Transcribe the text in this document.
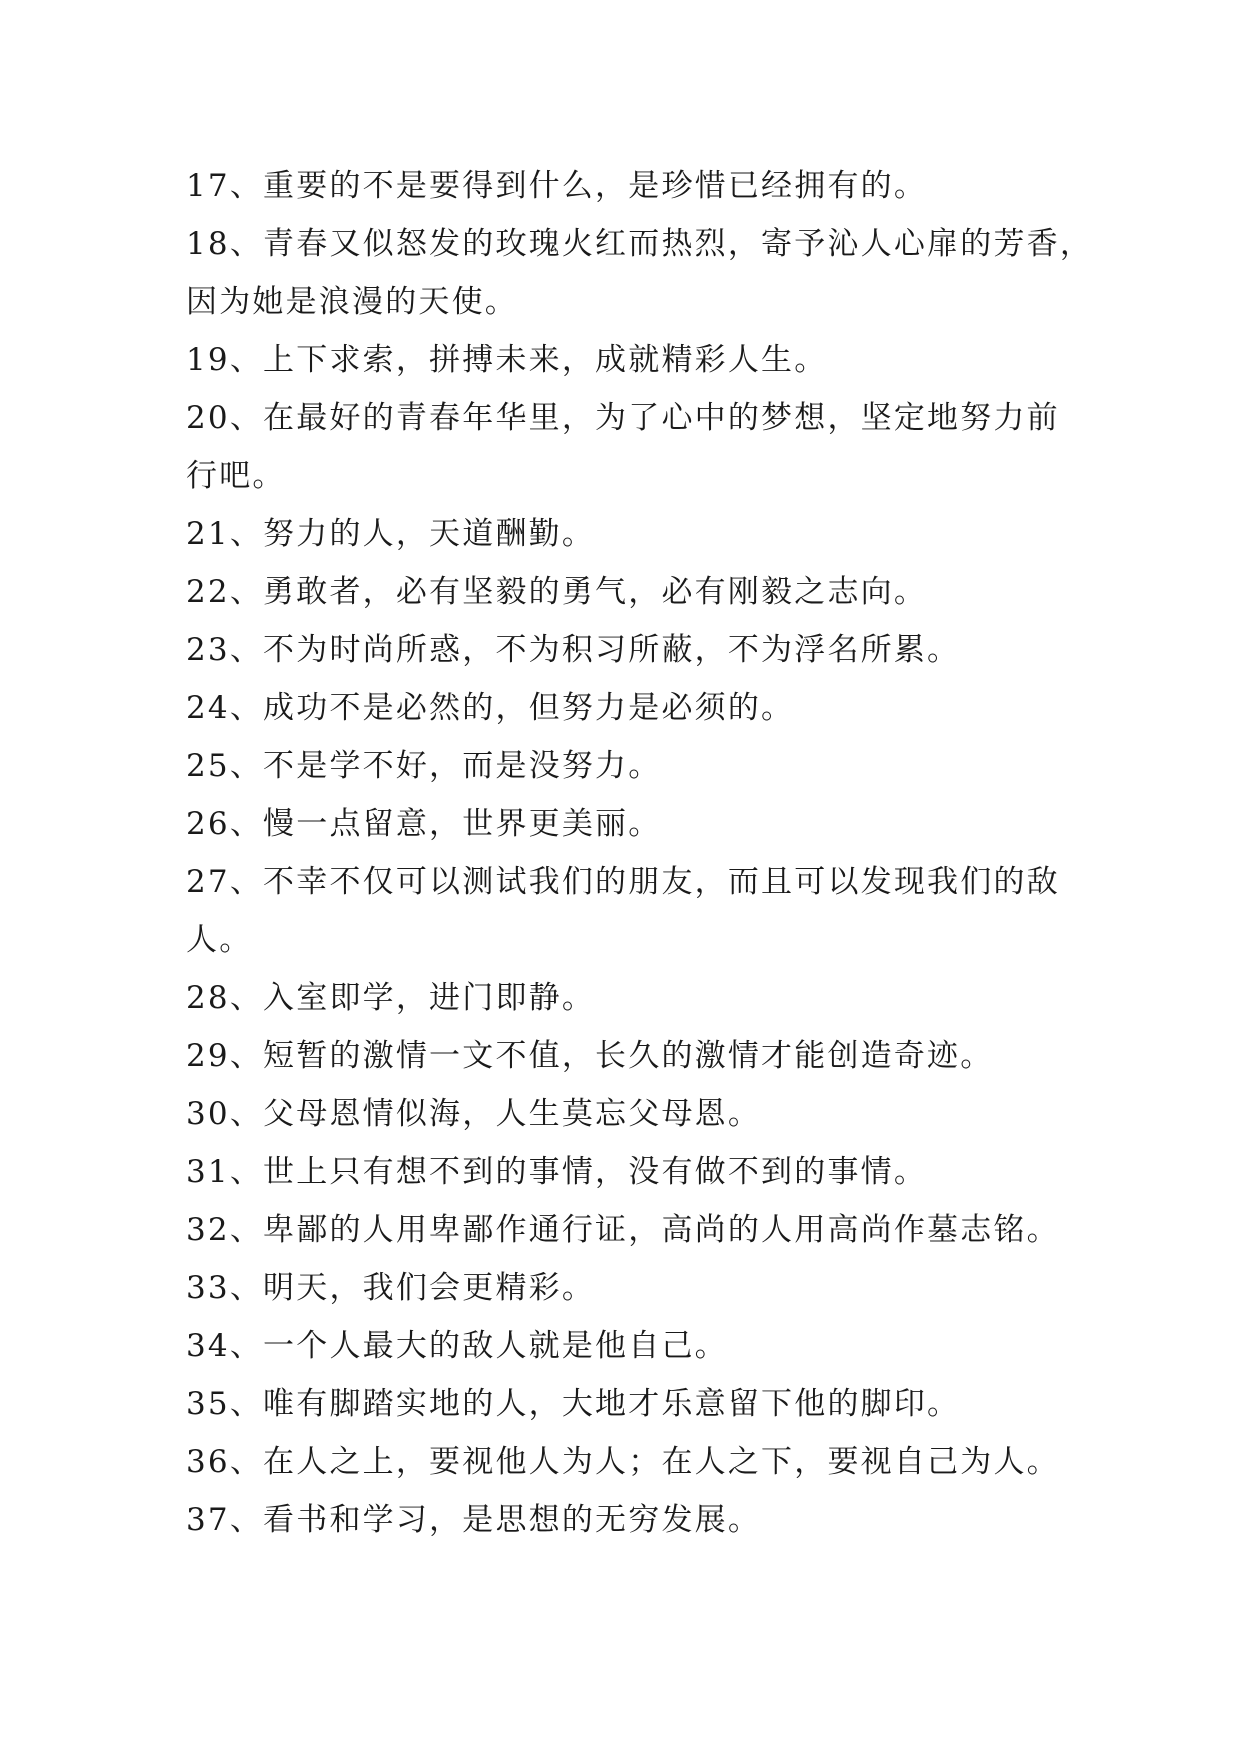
17、重要的不是要得到什么，是珍惜已经拥有的。
18、青春又似怒发的玫瑰火红而热烈，寄予沁人心扉的芳香，
因为她是浪漫的天使。
19、上下求索，拼搏未来，成就精彩人生。
20、在最好的青春年华里，为了心中的梦想，坚定地努力前
行吧。
21、努力的人，天道酬勤。
22、勇敢者，必有坚毅的勇气，必有刚毅之志向。
23、不为时尚所惑，不为积习所蔽，不为浮名所累。
24、成功不是必然的，但努力是必须的。
25、不是学不好，而是没努力。
26、慢一点留意，世界更美丽。
27、不幸不仅可以测试我们的朋友，而且可以发现我们的敌
人。
28、入室即学，进门即静。
29、短暂的激情一文不值，长久的激情才能创造奇迹。
30、父母恩情似海，人生莫忘父母恩。
31、世上只有想不到的事情，没有做不到的事情。
32、卑鄙的人用卑鄙作通行证，高尚的人用高尚作墓志铭。
33、明天，我们会更精彩。
34、一个人最大的敌人就是他自己。
35、唯有脚踏实地的人，大地才乐意留下他的脚印。
36、在人之上，要视他人为人；在人之下，要视自己为人。
37、看书和学习，是思想的无穷发展。
